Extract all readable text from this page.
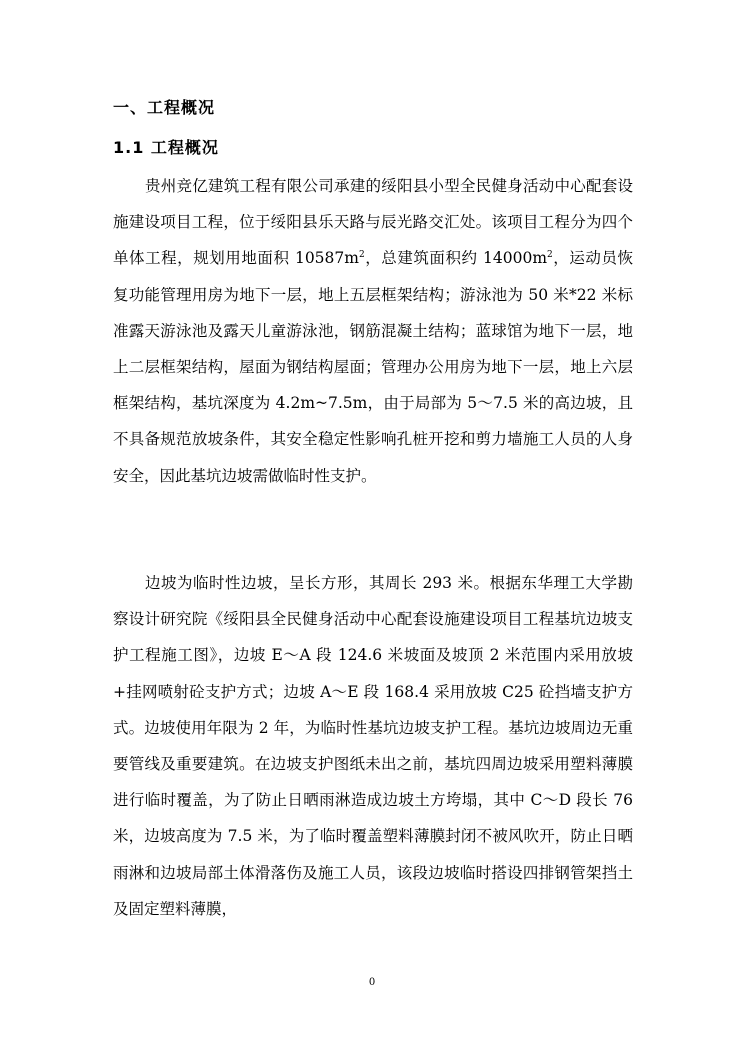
一、工程概况
1.1 工程概况

贵州竞亿建筑工程有限公司承建的绥阳县小型全民健身活动中心配套设施建设项目工程，位于绥阳县乐天路与辰光路交汇处。该项目工程分为四个单体工程，规划用地面积 $10587m^2$，总建筑面积约 $14000m^2$，运动员恢复功能管理用房为地下一层，地上五层框架结构；游泳池为 50 米*22 米标准露天游泳池及露天儿童游泳池，钢筋混凝土结构；蓝球馆为地下一层，地上二层框架结构，屋面为钢结构屋面；管理办公用房为地下一层，地上六层框架结构，基坑深度为 4.2m~7.5m，由于局部为 5～7.5 米的高边坡，且不具备规范放坡条件，其安全稳定性影响孔桩开挖和剪力墙施工人员的人身安全，因此基坑边坡需做临时性支护。

边坡为临时性边坡，呈长方形，其周长 293 米。根据东华理工大学勘察设计研究院《绥阳县全民健身活动中心配套设施建设项目工程基坑边坡支护工程施工图》，边坡 E～A 段 124.6 米坡面及坡顶 2 米范围内采用放坡+挂网喷射砼支护方式；边坡 A～E 段 168.4 采用放坡 C25 砼挡墙支护方式。边坡使用年限为 2 年，为临时性基坑边坡支护工程。基坑边坡周边无重要管线及重要建筑。在边坡支护图纸未出之前，基坑四周边坡采用塑料薄膜进行临时覆盖，为了防止日晒雨淋造成边坡土方垮塌，其中 C～D 段长 76 米，边坡高度为 7.5 米，为了临时覆盖塑料薄膜封闭不被风吹开，防止日晒雨淋和边坡局部土体滑落伤及施工人员，该段边坡临时搭设四排钢管架挡土及固定塑料薄膜，

0
